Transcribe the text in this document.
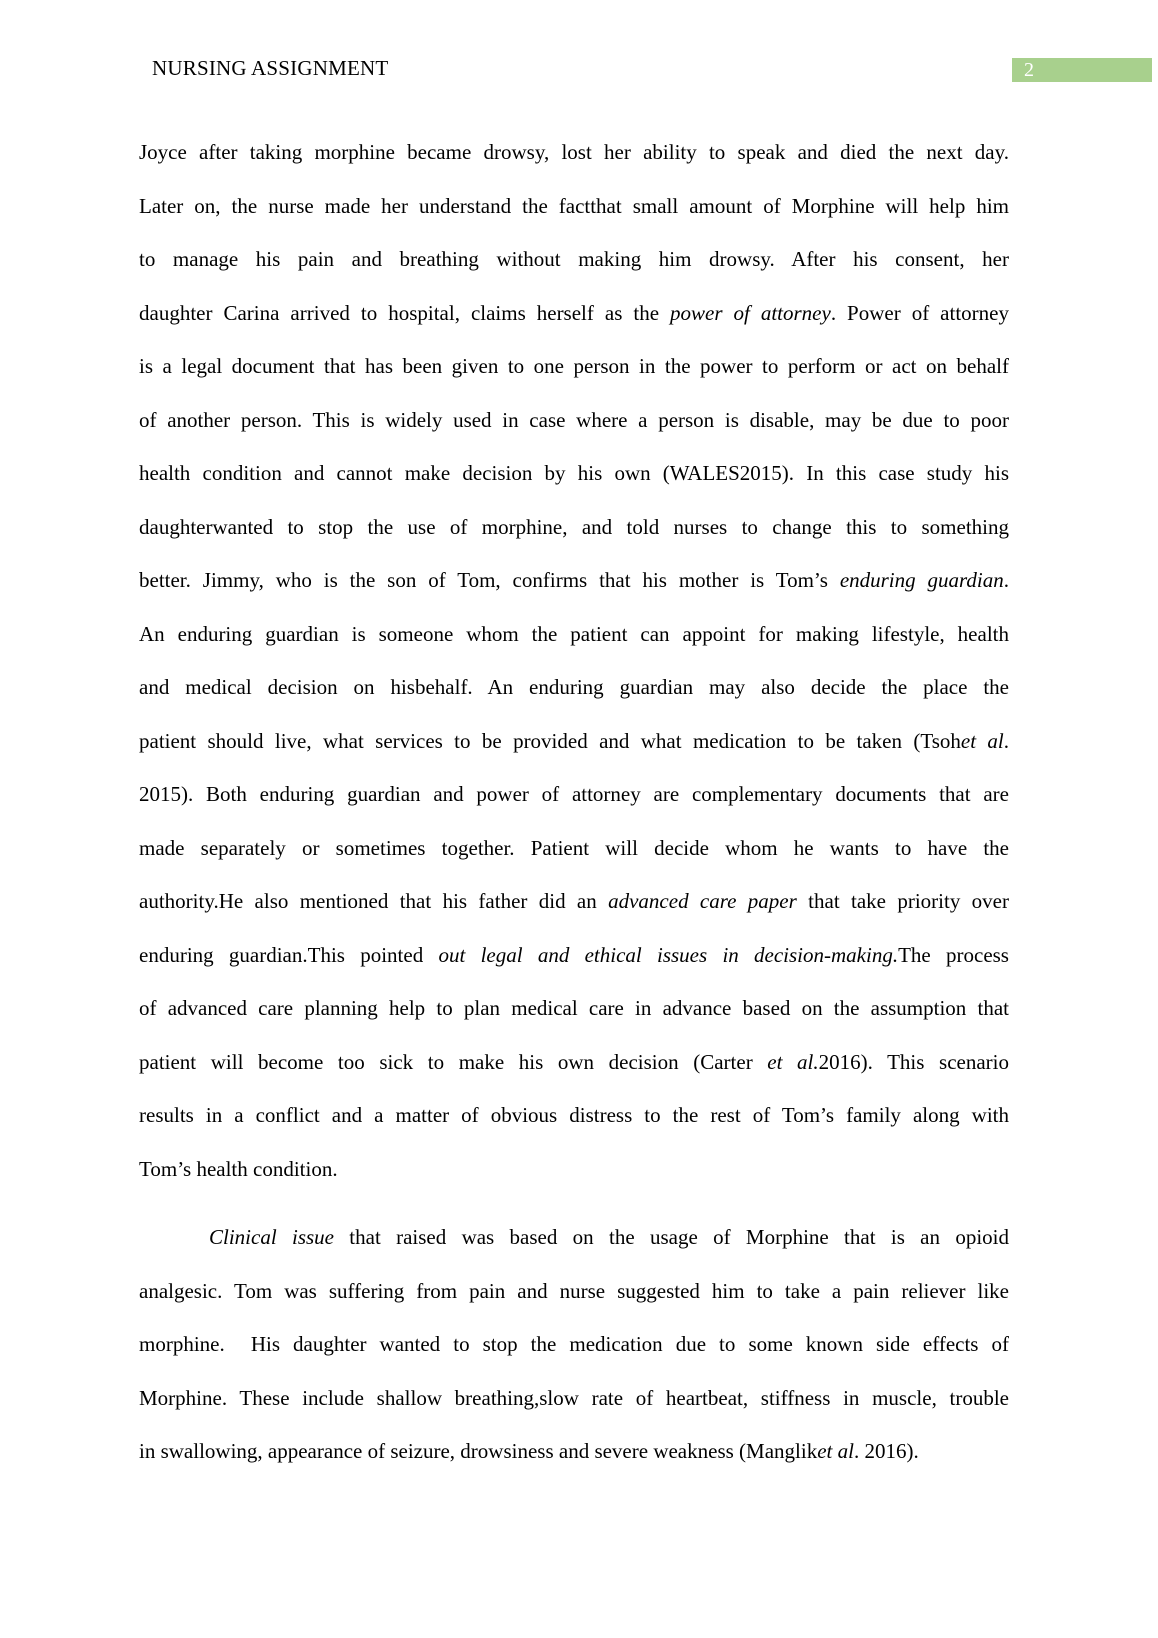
NURSING ASSIGNMENT	2
Joyce after taking morphine became drowsy, lost her ability to speak and died the next day.
Later on, the nurse made her understand the factthat small amount of Morphine will help him
to manage his pain and breathing without making him drowsy. After his consent, her
daughter Carina arrived to hospital, claims herself as the power of attorney. Power of attorney
is a legal document that has been given to one person in the power to perform or act on behalf
of another person. This is widely used in case where a person is disable, may be due to poor
health condition and cannot make decision by his own (WALES2015). In this case study his
daughterwanted to stop the use of morphine, and told nurses to change this to something
better. Jimmy, who is the son of Tom, confirms that his mother is Tom’s enduring guardian.
An enduring guardian is someone whom the patient can appoint for making lifestyle, health
and medical decision on hisbehalf. An enduring guardian may also decide the place the
patient should live, what services to be provided and what medication to be taken (Tsohet al.
2015). Both enduring guardian and power of attorney are complementary documents that are
made separately or sometimes together. Patient will decide whom he wants to have the
authority.He also mentioned that his father did an advanced care paper that take priority over
enduring guardian.This pointed out legal and ethical issues in decision-making.The process
of advanced care planning help to plan medical care in advance based on the assumption that
patient will become too sick to make his own decision (Carter et al.2016). This scenario
results in a conflict and a matter of obvious distress to the rest of Tom’s family along with
Tom’s health condition.
Clinical issue that raised was based on the usage of Morphine that is an opioid
analgesic. Tom was suffering from pain and nurse suggested him to take a pain reliever like
morphine.  His daughter wanted to stop the medication due to some known side effects of
Morphine. These include shallow breathing,slow rate of heartbeat, stiffness in muscle, trouble
in swallowing, appearance of seizure, drowsiness and severe weakness (Mangliket al. 2016).
